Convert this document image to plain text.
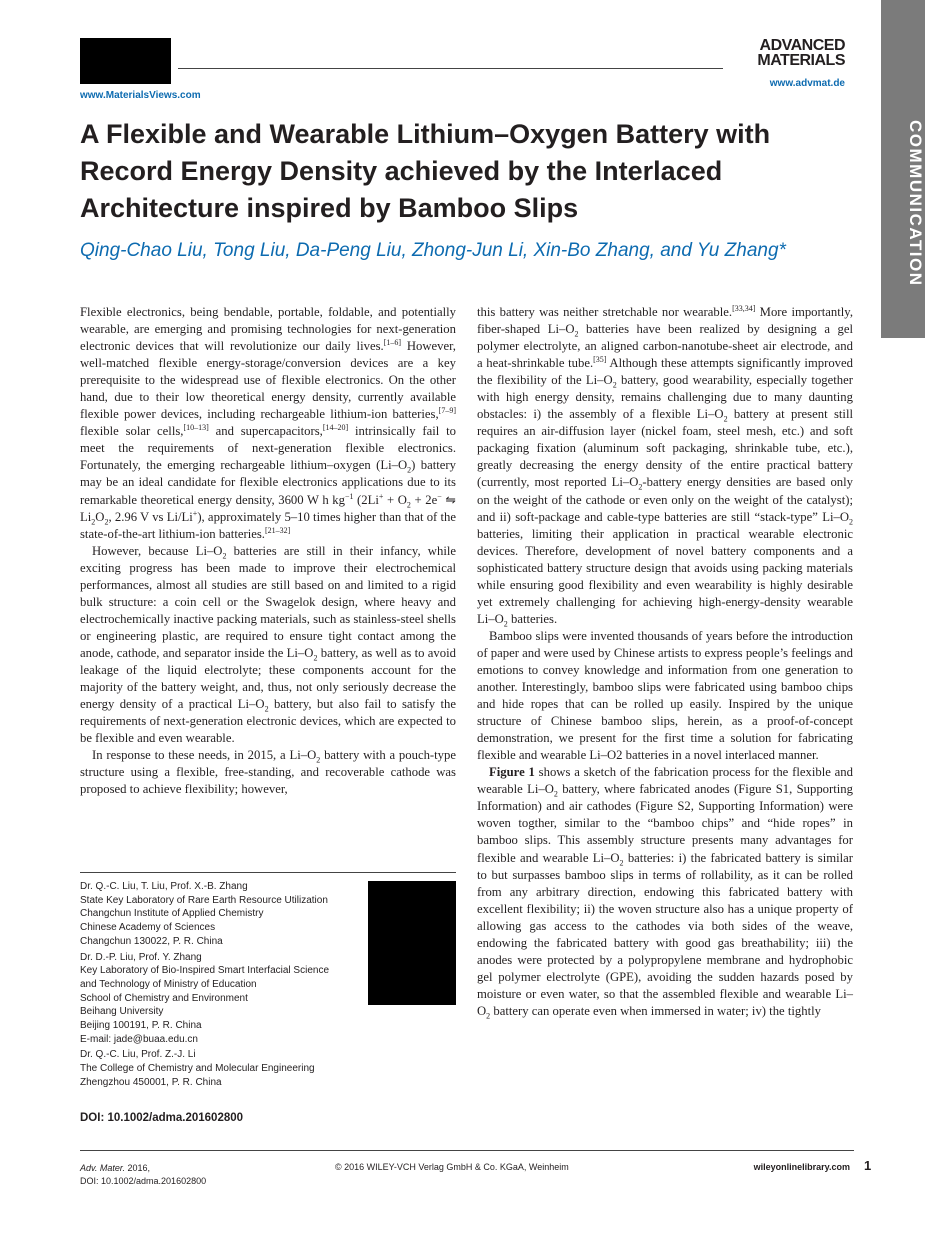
www.MaterialsViews.com
ADVANCED
MATERIALS
www.advmat.de
COMMUNICATION
A Flexible and Wearable Lithium–Oxygen Battery with Record Energy Density achieved by the Interlaced Architecture inspired by Bamboo Slips
Qing-Chao Liu, Tong Liu, Da-Peng Liu, Zhong-Jun Li, Xin-Bo Zhang, and Yu Zhang*

Flexible electronics, being bendable, portable, foldable, and potentially wearable, are emerging and promising technologies for next-generation electronic devices that will revolutionize our daily lives.[1–6] However, well-matched flexible energy-storage/conversion devices are a key prerequisite to the widespread use of flexible electronics. On the other hand, due to their low theoretical energy density, currently available flexible power devices, including rechargeable lithium-ion batteries,[7–9] flexible solar cells,[10–13] and supercapacitors,[14–20] intrinsically fail to meet the requirements of next-generation flexible electronics. Fortunately, the emerging rechargeable lithium–oxygen $(Li-O_2)$ battery may be an ideal candidate for flexible electronics applications due to its remarkable theoretical energy density, 3600 W h $kg^{-1}$ ($2Li^+ + O_2 + 2e^-$ ⇋ $Li_2O_2$, 2.96 V vs Li/Li+), approximately 5–10 times higher than that of the state-of-the-art lithium-ion batteries.[21–32]

However, because $Li-O_2$ batteries are still in their infancy, while exciting progress has been made to improve their electrochemical performances, almost all studies are still based on and limited to a rigid bulk structure: a coin cell or the Swagelok design, where heavy and electrochemically inactive packing materials, such as stainless-steel shells or engineering plastic, are required to ensure tight contact among the anode, cathode, and separator inside the $Li-O_2$ battery, as well as to avoid leakage of the liquid electrolyte; these components account for the majority of the battery weight, and, thus, not only seriously decrease the energy density of a practical $Li-O_2$ battery, but also fail to satisfy the requirements of next-generation electronic devices, which are expected to be flexible and even wearable.

In response to these needs, in 2015, a $Li-O_2$ battery with a pouch-type structure using a flexible, free-standing, and recoverable cathode was proposed to achieve flexibility; however,

this battery was neither stretchable nor wearable.[33,34] More importantly, fiber-shaped $Li-O_2$ batteries have been realized by designing a gel polymer electrolyte, an aligned carbon-nanotube-sheet air electrode, and a heat-shrinkable tube.[35] Although these attempts significantly improved the flexibility of the $Li-O_2$ battery, good wearability, especially together with high energy density, remains challenging due to many daunting obstacles: i) the assembly of a flexible $Li-O_2$ battery at present still requires an air-diffusion layer (nickel foam, steel mesh, etc.) and soft packaging fixation (aluminum soft packaging, shrinkable tube, etc.), greatly decreasing the energy density of the entire practical battery (currently, most reported $Li-O_2$-battery energy densities are based only on the weight of the cathode or even only on the weight of the catalyst); and ii) soft-package and cable-type batteries are still “stack-type” $Li-O_2$ batteries, limiting their application in practical wearable electronic devices. Therefore, development of novel battery components and a sophisticated battery structure design that avoids using packing materials while ensuring good flexibility and even wearability is highly desirable yet extremely challenging for achieving high-energy-density wearable $Li-O_2$ batteries.

Bamboo slips were invented thousands of years before the introduction of paper and were used by Chinese artists to express people’s feelings and emotions to convey knowledge and information from one generation to another. Interestingly, bamboo slips were fabricated using bamboo chips and hide ropes that can be rolled up easily. Inspired by the unique structure of Chinese bamboo slips, herein, as a proof-of-concept demonstration, we present for the first time a solution for fabricating flexible and wearable Li–O2 batteries in a novel interlaced manner.

Figure 1 shows a sketch of the fabrication process for the flexible and wearable $Li-O_2$ battery, where fabricated anodes (Figure S1, Supporting Information) and air cathodes (Figure S2, Supporting Information) were woven togther, similar to the “bamboo chips” and “hide ropes” in bamboo slips. This assembly structure presents many advantages for flexible and wearable $Li-O_2$ batteries: i) the fabricated battery is similar to but surpasses bamboo slips in terms of rollability, as it can be rolled from any arbitrary direction, endowing this fabricated battery with excellent flexibility; ii) the woven structure also has a unique property of allowing gas access to the cathodes via both sides of the weave, endowing the fabricated battery with good gas breathability; iii) the anodes were protected by a polypropylene membrane and hydrophobic gel polymer electrolyte (GPE), avoiding the sudden hazards posed by moisture or even water, so that the assembled flexible and wearable $Li-O_2$ battery can operate even when immersed in water; iv) the tightly

Dr. Q.-C. Liu, T. Liu, Prof. X.-B. Zhang
State Key Laboratory of Rare Earth Resource Utilization
Changchun Institute of Applied Chemistry
Chinese Academy of Sciences
Changchun 130022, P. R. China
Dr. D.-P. Liu, Prof. Y. Zhang
Key Laboratory of Bio-Inspired Smart Interfacial Science
and Technology of Ministry of Education
School of Chemistry and Environment
Beihang University
Beijing 100191, P. R. China
E-mail: jade@buaa.edu.cn
Dr. Q.-C. Liu, Prof. Z.-J. Li
The College of Chemistry and Molecular Engineering
Zhengzhou 450001, P. R. China
DOI: 10.1002/adma.201602800
Adv. Mater. 2016,
DOI: 10.1002/adma.201602800
© 2016 WILEY-VCH Verlag GmbH & Co. KGaA, Weinheim	wileyonlinelibrary.com 1
